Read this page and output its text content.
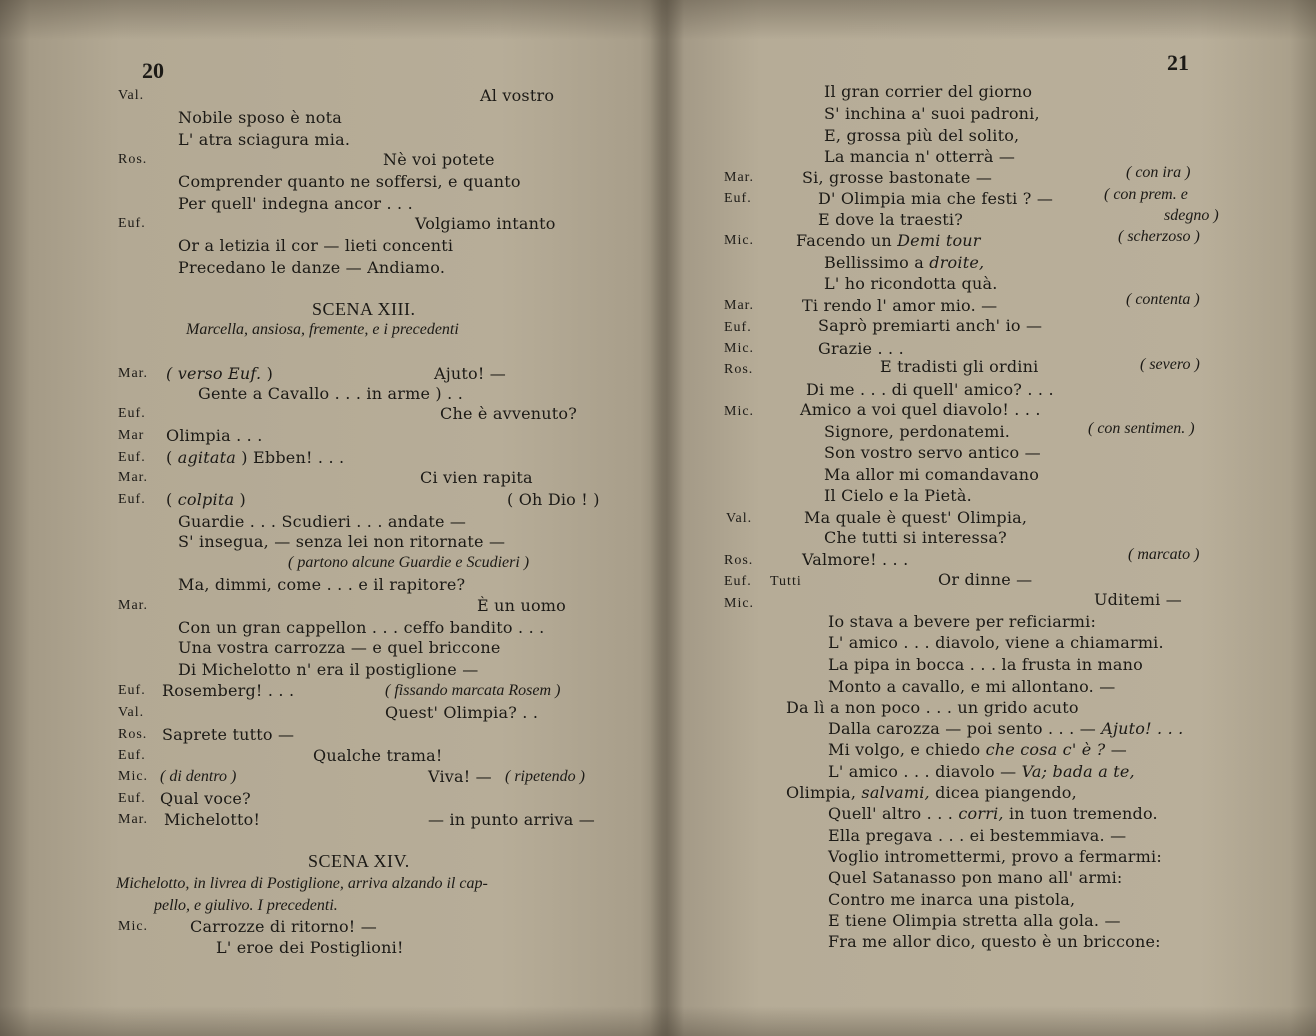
20
Val.	Al vostro
Nobile sposo è nota
L' atra sciagura mia.
Ros.	Nè voi potete
Comprender quanto ne soffersi, e quanto
Per quell' indegna ancor . . .
Euf.	Volgiamo intanto
Or a letizia il cor — lieti concenti
Precedano le danze — Andiamo.
SCENA XIII.
Marcella, ansiosa, frementе, e i precedenti
Mar. ( verso Euf. )	Ajuto! —
Gente a Cavallo . . . in arme ) . .
Euf.	Che è avvenuto?
Mar Olimpia . . .
Euf. ( agitata ) Ebben! . . .
Mar.	Ci vien rapita
Euf. ( colpita )	( Oh Dio ! )
Guardie . . . Scudieri . . . andate —
S' insegua, — senza lei non ritornate —
( partono alcune Guardie e Scudieri )
Ma, dimmi, come . . . e il rapitore?
Mar.	È un uomo
Con un gran cappellon . . . ceffo bandito . . .
Una vostra carrozza — e quel briccone
Di Michelotto n' era il postiglione —
Euf. Rosemberg! . . .	( fissando marcata Rosem )
Val.	Quest' Olimpia? . .
Ros. Saprete tutto —
Euf.	Qualche trama!
Mic. ( di dentro )	Viva! — ( ripetendo )
Euf. Qual voce?
Mar. Michelotto!	— in punto arriva —
SCENA XIV.
Michelotto, in livrea di Postiglione, arriva alzando il cap-
pello, e giulivo. I precedenti.
Mic.	Carrozze di ritorno! —
L' eroe dei Postiglioni!
21
Il gran corrier del giorno
S' inchina a' suoi padroni,
E, grossa più del solito,
La mancia n' otterrà —
Mar.	Si, grosse bastonate —	( con ira )
Euf.	D' Olimpia mia che festi ? —	( con prem. e
E dove la traesti?	sdegno )
Mic.	Facendo un Demi tour	( scherzoso )
Bellissimo a droite,
L' ho ricondotta quà.
Mar.	Ti rendo l' amor mio. —	( contenta )
Euf.	Saprò premiarti anch' io —
Mic.	Grazie . . .
Ros.	E tradisti gli ordini	( severo )
Di me . . . di quell' amico? . . .
Mic.	Amico a voi quel diavolo! . . .
Signore, perdonatemi.	( con sentimen. )
Son vostro servo antico —
Ma allor mi comandavano
Il Cielo e la Pietà.
Val.	Ma quale è quest' Olimpia,
Che tutti si interessa?
Ros.	Valmore! . . .	( marcato )
Euf. Tutti	Or dinne —
Mic.	Uditemi —
Io stava a bevere per reficiarmi:
L' amico . . . diavolo, viene a chiamarmi.
La pipa in bocca . . . la frusta in mano
Monto a cavallo, e mi allontano. —
Da lì a non poco . . . un grido acuto
Dalla carozza — poi sento . . . — Ajuto! . . .
Mi volgo, e chiedo che cosa c' è ? —
L' amico . . . diavolo — Va; bada a te,
Olimpia, salvami, dicea piangendo,
Quell' altro . . . corri, in tuon tremendo.
Ella pregava . . . ei bestemmiava. —
Voglio intromettermi, provo a fermarmi:
Quel Satanasso pon mano all' armi:
Contro me inarca una pistola,
E tiene Olimpia stretta alla gola. —
Fra me allor dico, questo è un briccone:
